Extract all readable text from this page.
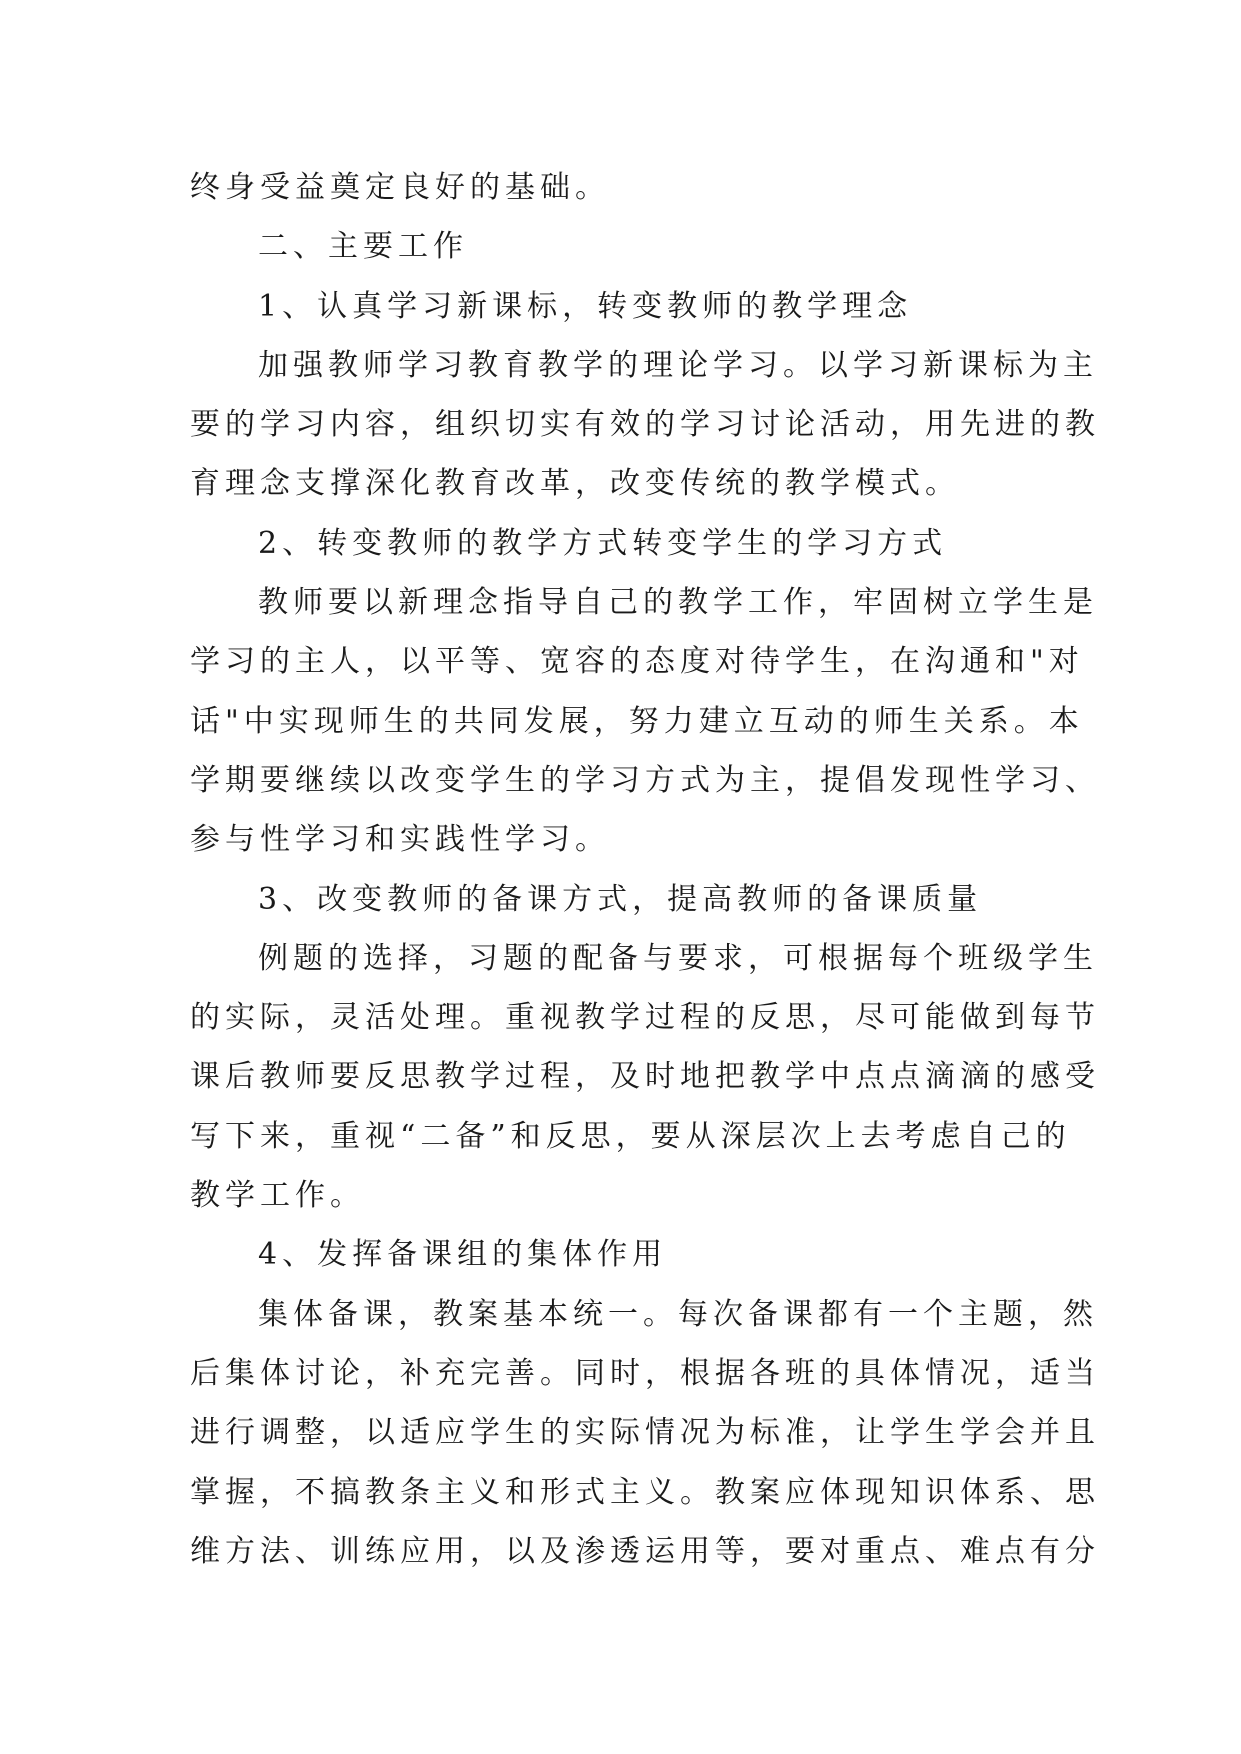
终身受益奠定良好的基础。
二、主要工作
1、认真学习新课标，转变教师的教学理念
加强教师学习教育教学的理论学习。以学习新课标为主
要的学习内容，组织切实有效的学习讨论活动，用先进的教
育理念支撑深化教育改革，改变传统的教学模式。
2、转变教师的教学方式转变学生的学习方式
教师要以新理念指导自己的教学工作，牢固树立学生是
学习的主人，以平等、宽容的态度对待学生，在沟通和"对
话"中实现师生的共同发展，努力建立互动的师生关系。本
学期要继续以改变学生的学习方式为主，提倡发现性学习、
参与性学习和实践性学习。
3、改变教师的备课方式，提高教师的备课质量
例题的选择，习题的配备与要求，可根据每个班级学生
的实际，灵活处理。重视教学过程的反思，尽可能做到每节
课后教师要反思教学过程，及时地把教学中点点滴滴的感受
写下来，重视“二备”和反思，要从深层次上去考虑自己的
教学工作。
4、发挥备课组的集体作用
集体备课，教案基本统一。每次备课都有一个主题，然
后集体讨论，补充完善。同时，根据各班的具体情况，适当
进行调整，以适应学生的实际情况为标准，让学生学会并且
掌握，不搞教条主义和形式主义。教案应体现知识体系、思
维方法、训练应用，以及渗透运用等，要对重点、难点有分
